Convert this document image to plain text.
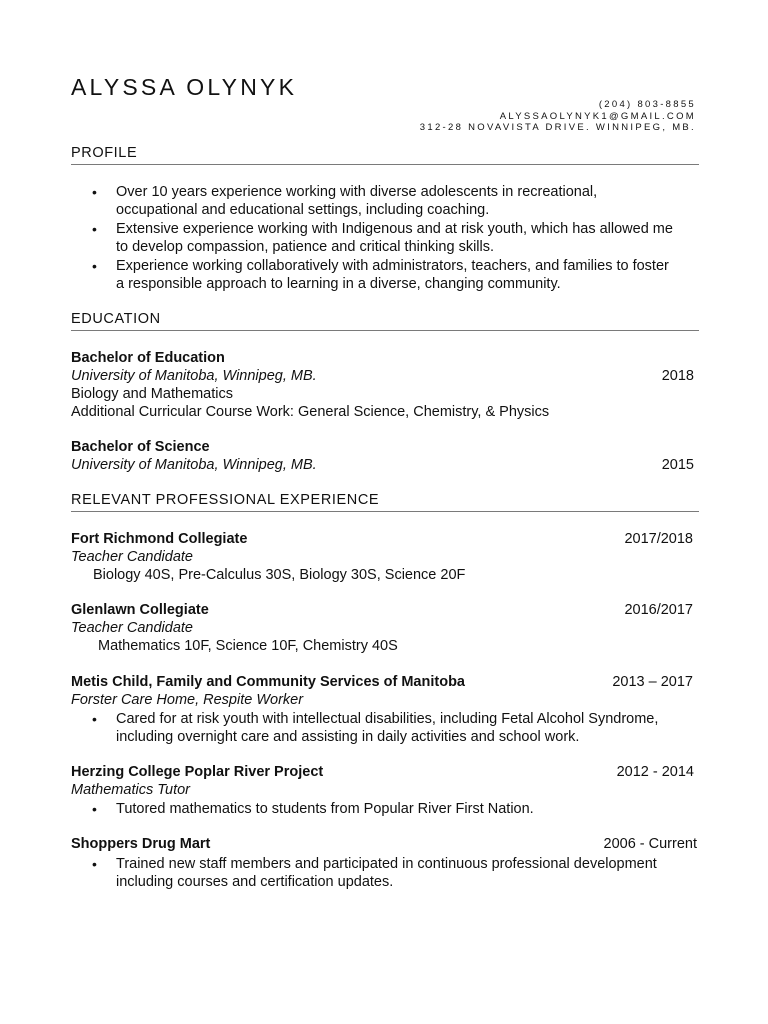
ALYSSA OLYNYK
(204) 803-8855
ALYSSAOLYNYK1@GMAIL.COM
312-28 NOVAVISTA DRIVE. WINNIPEG, MB.
PROFILE
• Over 10 years experience working with diverse adolescents in recreational,
occupational and educational settings, including coaching.
• Extensive experience working with Indigenous and at risk youth, which has allowed me
to develop compassion, patience and critical thinking skills.
• Experience working collaboratively with administrators, teachers, and families to foster
a responsible approach to learning in a diverse, changing community.
EDUCATION
Bachelor of Education
University of Manitoba, Winnipeg, MB.	2018
Biology and Mathematics
Additional Curricular Course Work: General Science, Chemistry, & Physics
Bachelor of Science
University of Manitoba, Winnipeg, MB.	2015
RELEVANT PROFESSIONAL EXPERIENCE
Fort Richmond Collegiate	2017/2018
Teacher Candidate
Biology 40S, Pre-Calculus 30S, Biology 30S, Science 20F
Glenlawn Collegiate	2016/2017
Teacher Candidate
Mathematics 10F, Science 10F, Chemistry 40S
Metis Child, Family and Community Services of Manitoba	2013 – 2017
Forster Care Home, Respite Worker
• Cared for at risk youth with intellectual disabilities, including Fetal Alcohol Syndrome,
including overnight care and assisting in daily activities and school work.
Herzing College Poplar River Project	2012 - 2014
Mathematics Tutor
• Tutored mathematics to students from Popular River First Nation.
Shoppers Drug Mart	2006 - Current
• Trained new staff members and participated in continuous professional development
including courses and certification updates.
